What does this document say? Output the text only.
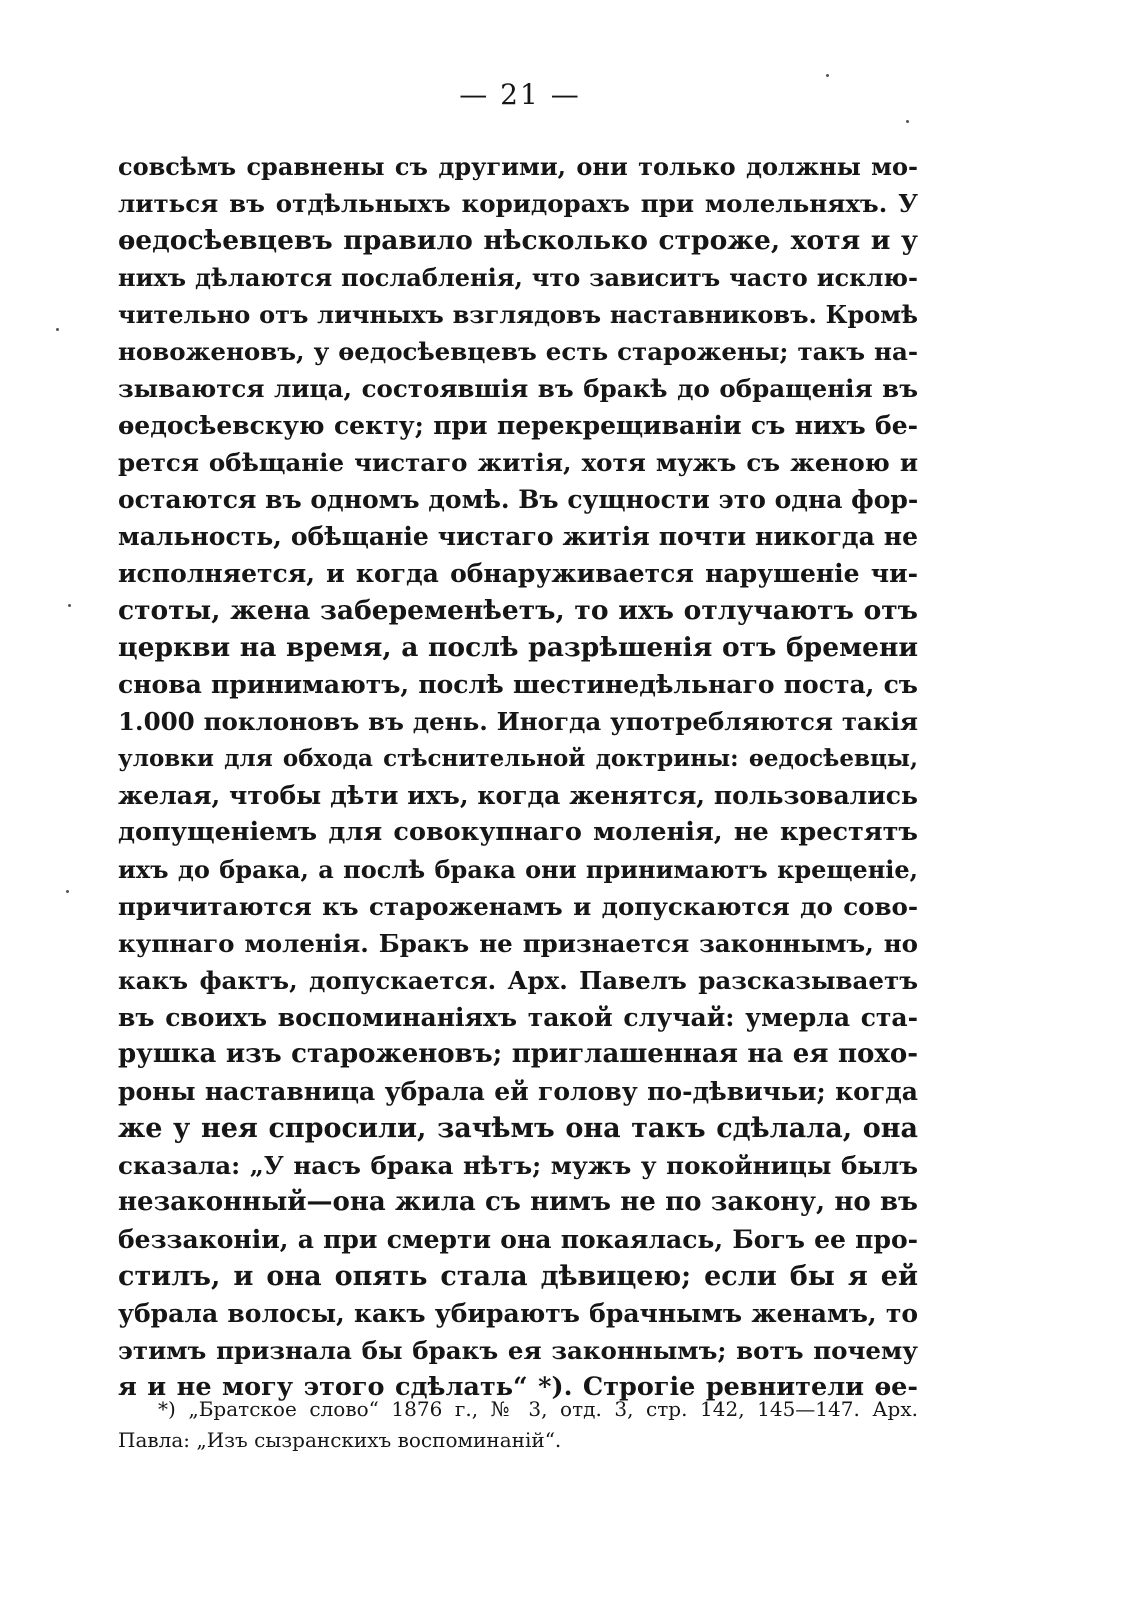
— 21 —
совсѣмъ сравнены съ другими, они только должны мо-
литься въ отдѣльныхъ коридорахъ при молельняхъ. У
ѳедосѣевцевъ правило нѣсколько строже, хотя и у
нихъ дѣлаются послабленія, что зависитъ часто исклю-
чительно отъ личныхъ взглядовъ наставниковъ. Кромѣ
новоженовъ, у ѳедосѣевцевъ есть старожены; такъ на-
зываются лица, состоявшія въ бракѣ до обращенія въ
ѳедосѣевскую секту; при перекрещиваніи съ нихъ бе-
рется обѣщаніе чистаго житія, хотя мужъ съ женою и
остаются въ одномъ домѣ. Въ сущности это одна фор-
мальность, обѣщаніе чистаго житія почти никогда не
исполняется, и когда обнаруживается нарушеніе чи-
стоты, жена забеременѣетъ, то ихъ отлучаютъ отъ
церкви на время, а послѣ разрѣшенія отъ бремени
снова принимаютъ, послѣ шестинедѣльнаго поста, съ
1.000 поклоновъ въ день. Иногда употребляются такія
уловки для обхода стѣснительной доктрины: ѳедосѣевцы,
желая, чтобы дѣти ихъ, когда женятся, пользовались
допущеніемъ для совокупнаго моленія, не крестятъ
ихъ до брака, а послѣ брака они принимаютъ крещеніе,
причитаются къ староженамъ и допускаются до сово-
купнаго моленія. Бракъ не признается законнымъ, но
какъ фактъ, допускается. Арх. Павелъ разсказываетъ
въ своихъ воспоминаніяхъ такой случай: умерла ста-
рушка изъ староженовъ; приглашенная на ея похо-
роны наставница убрала ей голову по-дѣвичьи; когда
же у нея спросили, зачѣмъ она такъ сдѣлала, она
сказала: „У насъ брака нѣтъ; мужъ у покойницы былъ
незаконный—она жила съ нимъ не по закону, но въ
беззаконіи, а при смерти она покаялась, Богъ ее про-
стилъ, и она опять стала дѣвицею; если бы я ей
убрала волосы, какъ убираютъ брачнымъ женамъ, то
этимъ признала бы бракъ ея законнымъ; вотъ почему
я и не могу этого сдѣлать“ *). Строгіе ревнители ѳе-
*) „Братское слово“ 1876 г., № 3, отд. 3, стр. 142, 145—147. Арх.
Павла: „Изъ сызранскихъ воспоминаній“.
